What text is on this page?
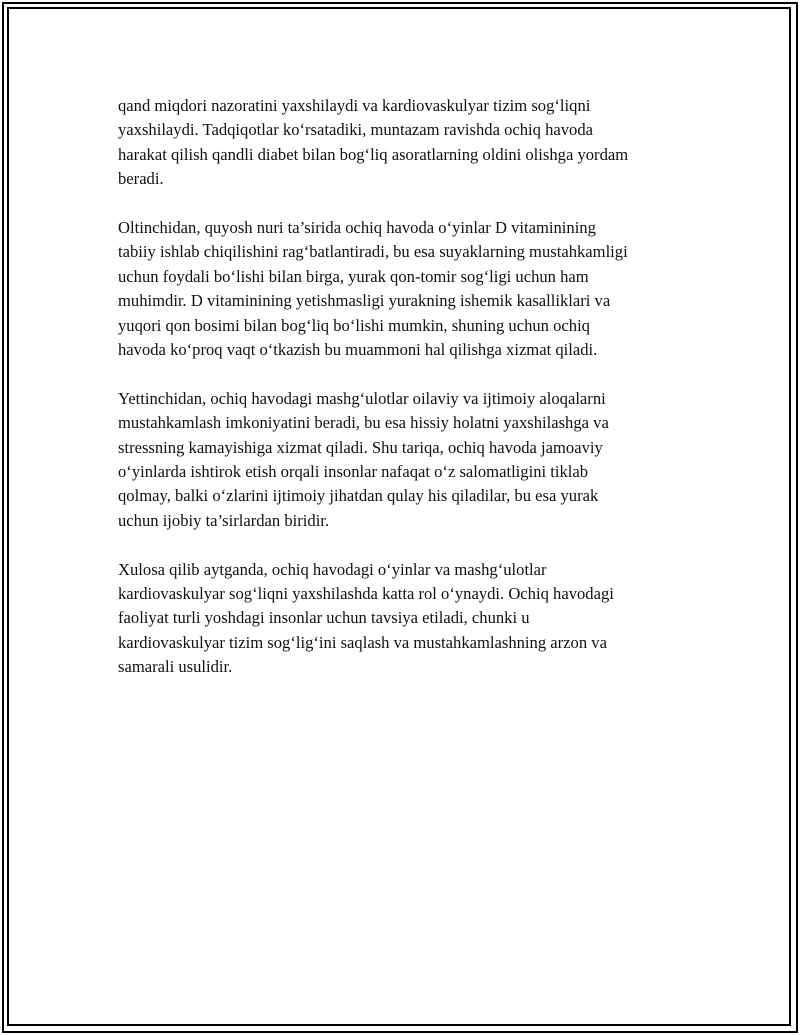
qand miqdori nazoratini yaxshilaydi va kardiovaskulyar tizim sog‘liqni
yaxshilaydi. Tadqiqotlar ko‘rsatadiki, muntazam ravishda ochiq havoda
harakat qilish qandli diabet bilan bog‘liq asoratlarning oldini olishga yordam
beradi.

Oltinchidan, quyosh nuri ta’sirida ochiq havoda o‘yinlar D vitaminining
tabiiy ishlab chiqilishini rag‘batlantiradi, bu esa suyaklarning mustahkamligi
uchun foydali bo‘lishi bilan birga, yurak qon-tomir sog‘ligi uchun ham
muhimdir. D vitaminining yetishmasligi yurakning ishemik kasalliklari va
yuqori qon bosimi bilan bog‘liq bo‘lishi mumkin, shuning uchun ochiq
havoda ko‘proq vaqt o‘tkazish bu muammoni hal qilishga xizmat qiladi.

Yettinchidan, ochiq havodagi mashg‘ulotlar oilaviy va ijtimoiy aloqalarni
mustahkamlash imkoniyatini beradi, bu esa hissiy holatni yaxshilashga va
stressning kamayishiga xizmat qiladi. Shu tariqa, ochiq havoda jamoaviy
o‘yinlarda ishtirok etish orqali insonlar nafaqat o‘z salomatligini tiklab
qolmay, balki o‘zlarini ijtimoiy jihatdan qulay his qiladilar, bu esa yurak
uchun ijobiy ta’sirlardan biridir.

Xulosa qilib aytganda, ochiq havodagi o‘yinlar va mashg‘ulotlar
kardiovaskulyar sog‘liqni yaxshilashda katta rol o‘ynaydi. Ochiq havodagi
faoliyat turli yoshdagi insonlar uchun tavsiya etiladi, chunki u
kardiovaskulyar tizim sog‘lig‘ini saqlash va mustahkamlashning arzon va
samarali usulidir.
